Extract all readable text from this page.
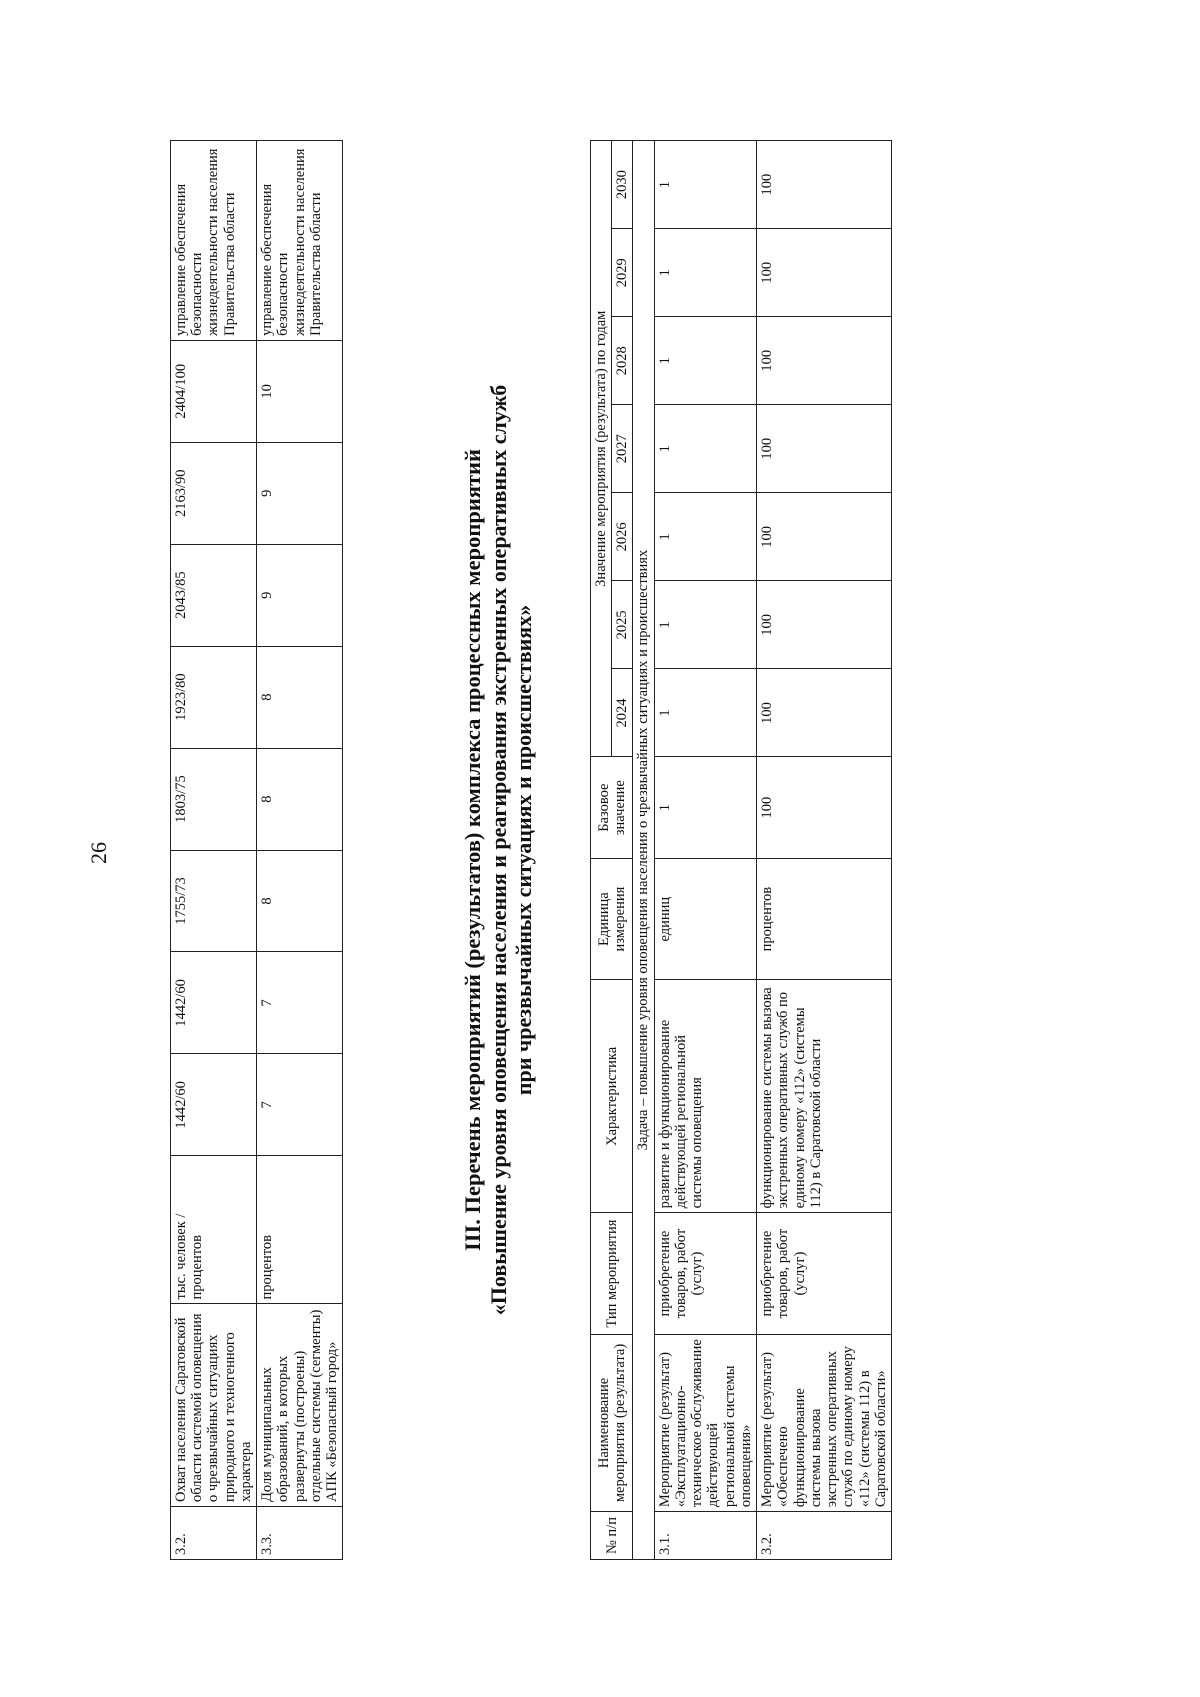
26
3.2.	Охват населения Саратовской области системой оповещения о чрезвычайных ситуациях природного и техногенного характера	тыс. человек / процентов	1442/60	1442/60	1755/73	1803/75	1923/80	2043/85	2163/90	2404/100	управление обеспечения безопасности жизнедеятельности населения Правительства области
3.3.	Доля муниципальных образований, в которых развернуты (построены) отдельные системы (сегменты) АПК «Безопасный город»	процентов	7	7	8	8	8	9	9	10	управление обеспечения безопасности жизнедеятельности населения Правительства области
III. Перечень мероприятий (результатов) комплекса процессных мероприятий «Повышение уровня оповещения населения и реагирования экстренных оперативных служб при чрезвычайных ситуациях и происшествиях»
№ п/п	Наименование мероприятия (результата)	Тип мероприятия	Характеристика	Единица измерения	Базовое значение	Значение мероприятия (результата) по годам						
						2024	2025	2026	2027	2028	2029	2030
Задача – повышение уровня оповещения населения о чрезвычайных ситуациях и происшествиях												
3.1.	Мероприятие (результат) «Эксплуатационно-техническое обслуживание действующей региональной системы оповещения»	приобретение товаров, работ (услуг)	развитие и функционирование действующей региональной системы оповещения	единиц	1	1	1	1	1	1	1	1
3.2.	Мероприятие (результат) «Обеспечено функционирование системы вызова экстренных оперативных служб по единому номеру «112» (системы 112) в Саратовской области»	приобретение товаров, работ (услуг)	функционирование системы вызова экстренных оперативных служб по единому номеру «112» (системы 112) в Саратовской области	процентов	100	100	100	100	100	100	100	100
